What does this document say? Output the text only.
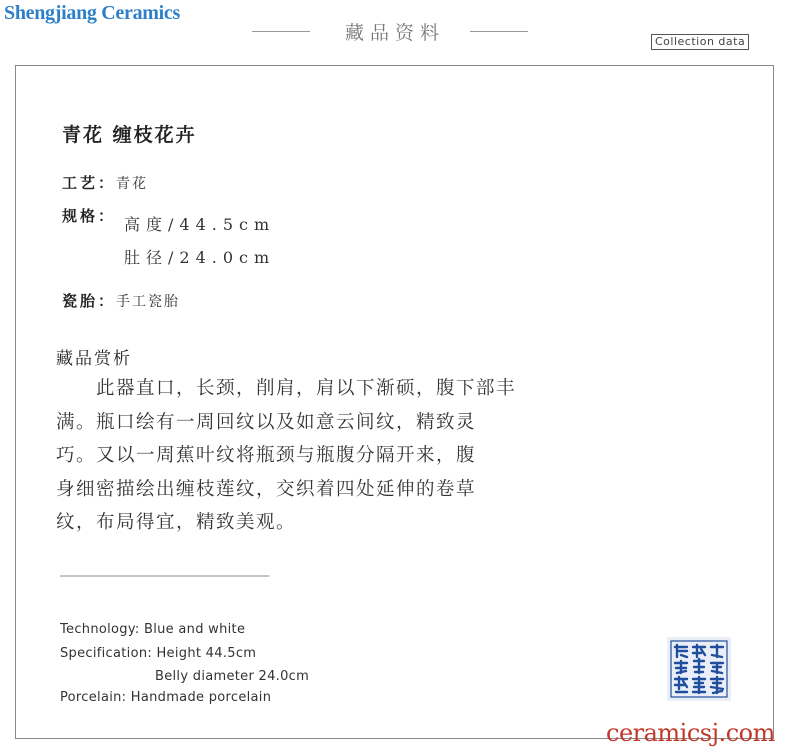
Shengjiang Ceramics
藏品资料	Collection data
青花 缠枝花卉
工艺：青花
规格： 高度/44.5cm
肚径/24.0cm
瓷胎：手工瓷胎
藏品赏析
　　此器直口，长颈，削肩，肩以下渐硕，腹下部丰
满。瓶口绘有一周回纹以及如意云间纹，精致灵
巧。又以一周蕉叶纹将瓶颈与瓶腹分隔开来，腹
身细密描绘出缠枝莲纹，交织着四处延伸的卷草
纹，布局得宜，精致美观。
——————————————————————————————
Technology: Blue and white
Specification: Height 44.5cm
Belly diameter 24.0cm
Porcelain: Handmade porcelain
ceramicsj.com
